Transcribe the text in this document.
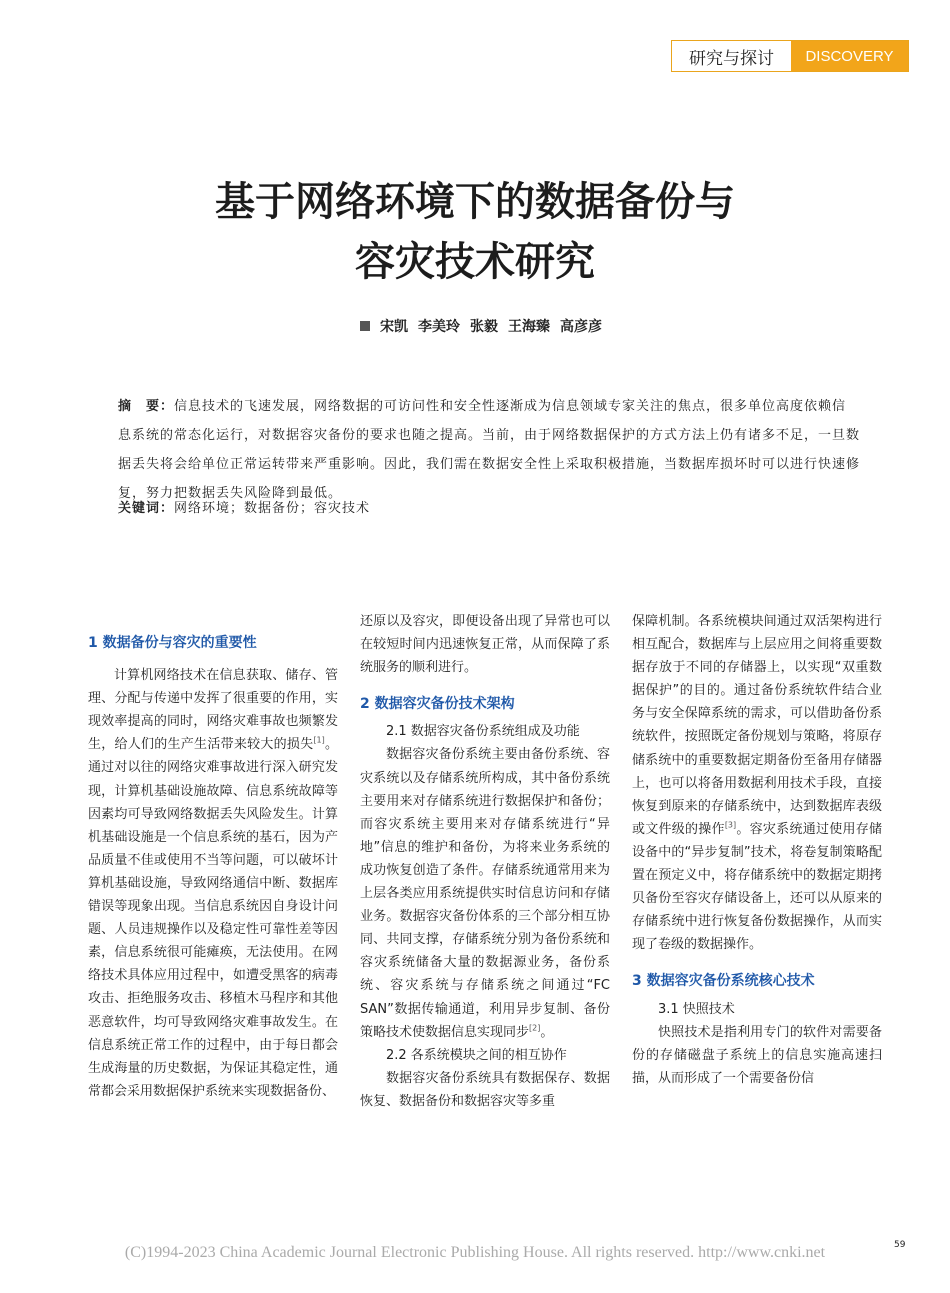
研究与探讨	DISCOVERY
基于网络环境下的数据备份与
容灾技术研究
宋凯 李美玲 张毅 王海臻 高彦彦
摘　要：信息技术的飞速发展，网络数据的可访问性和安全性逐渐成为信息领域专家关注的焦点，很多单位高度依赖信息系统的常态化运行，对数据容灾备份的要求也随之提高。当前，由于网络数据保护的方式方法上仍有诸多不足，一旦数据丢失将会给单位正常运转带来严重影响。因此，我们需在数据安全性上采取积极措施，当数据库损坏时可以进行快速修复，努力把数据丢失风险降到最低。
关键词：网络环境；数据备份；容灾技术

1 数据备份与容灾的重要性

计算机网络技术在信息获取、储存、管理、分配与传递中发挥了很重要的作用，实现效率提高的同时，网络灾难事故也频繁发生，给人们的生产生活带来较大的损失[1]。通过对以往的网络灾难事故进行深入研究发现，计算机基础设施故障、信息系统故障等因素均可导致网络数据丢失风险发生。计算机基础设施是一个信息系统的基石，因为产品质量不佳或使用不当等问题，可以破坏计算机基础设施，导致网络通信中断、数据库错误等现象出现。当信息系统因自身设计问题、人员违规操作以及稳定性可靠性差等因素，信息系统很可能瘫痪，无法使用。在网络技术具体应用过程中，如遭受黑客的病毒攻击、拒绝服务攻击、移植木马程序和其他恶意软件，均可导致网络灾难事故发生。在信息系统正常工作的过程中，由于每日都会生成海量的历史数据，为保证其稳定性，通常都会采用数据保护系统来实现数据备份、

还原以及容灾，即便设备出现了异常也可以在较短时间内迅速恢复正常，从而保障了系统服务的顺利进行。

2 数据容灾备份技术架构

2.1 数据容灾备份系统组成及功能

数据容灾备份系统主要由备份系统、容灾系统以及存储系统所构成，其中备份系统主要用来对存储系统进行数据保护和备份；而容灾系统主要用来对存储系统进行“异地”信息的维护和备份，为将来业务系统的成功恢复创造了条件。存储系统通常用来为上层各类应用系统提供实时信息访问和存储业务。数据容灾备份体系的三个部分相互协同、共同支撑，存储系统分别为备份系统和容灾系统储备大量的数据源业务，备份系统、容灾系统与存储系统之间通过“FC SAN”数据传输通道，利用异步复制、备份策略技术使数据信息实现同步[2]。

2.2 各系统模块之间的相互协作

数据容灾备份系统具有数据保存、数据恢复、数据备份和数据容灾等多重

保障机制。各系统模块间通过双活架构进行相互配合，数据库与上层应用之间将重要数据存放于不同的存储器上，以实现“双重数据保护”的目的。通过备份系统软件结合业务与安全保障系统的需求，可以借助备份系统软件，按照既定备份规划与策略，将原存储系统中的重要数据定期备份至备用存储器上，也可以将备用数据利用技术手段，直接恢复到原来的存储系统中，达到数据库表级或文件级的操作[3]。容灾系统通过使用存储设备中的“异步复制”技术，将卷复制策略配置在预定义中，将存储系统中的数据定期拷贝备份至容灾存储设备上，还可以从原来的存储系统中进行恢复备份数据操作，从而实现了卷级的数据操作。

3 数据容灾备份系统核心技术

3.1 快照技术

快照技术是指利用专门的软件对需要备份的存储磁盘子系统上的信息实施高速扫描，从而形成了一个需要备份信

(C)1994-2023 China Academic Journal Electronic Publishing House. All rights reserved. http://www.cnki.net	59
